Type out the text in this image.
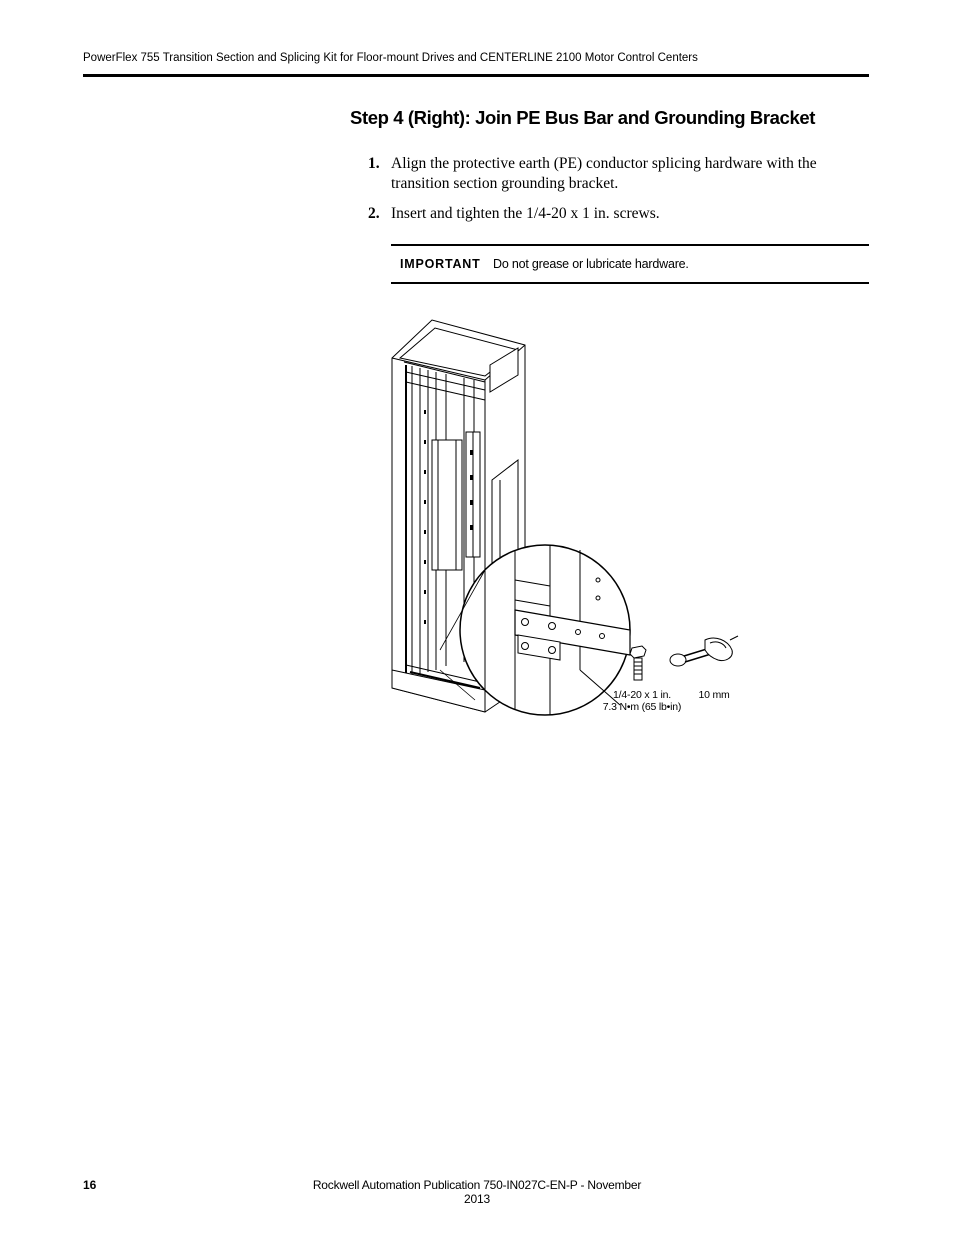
PowerFlex 755 Transition Section and Splicing Kit for Floor-mount Drives and CENTERLINE 2100 Motor Control Centers
Step 4 (Right): Join PE Bus Bar and Grounding Bracket
1. Align the protective earth (PE) conductor splicing hardware with the transition section grounding bracket.
2. Insert and tighten the 1/4-20 x 1 in. screws.
IMPORTANT Do not grease or lubricate hardware.
1/4-20 x 1 in.
7.3 N•m (65 lb•in)
10 mm
16	Rockwell Automation Publication 750-IN027C-EN-P - November 2013
